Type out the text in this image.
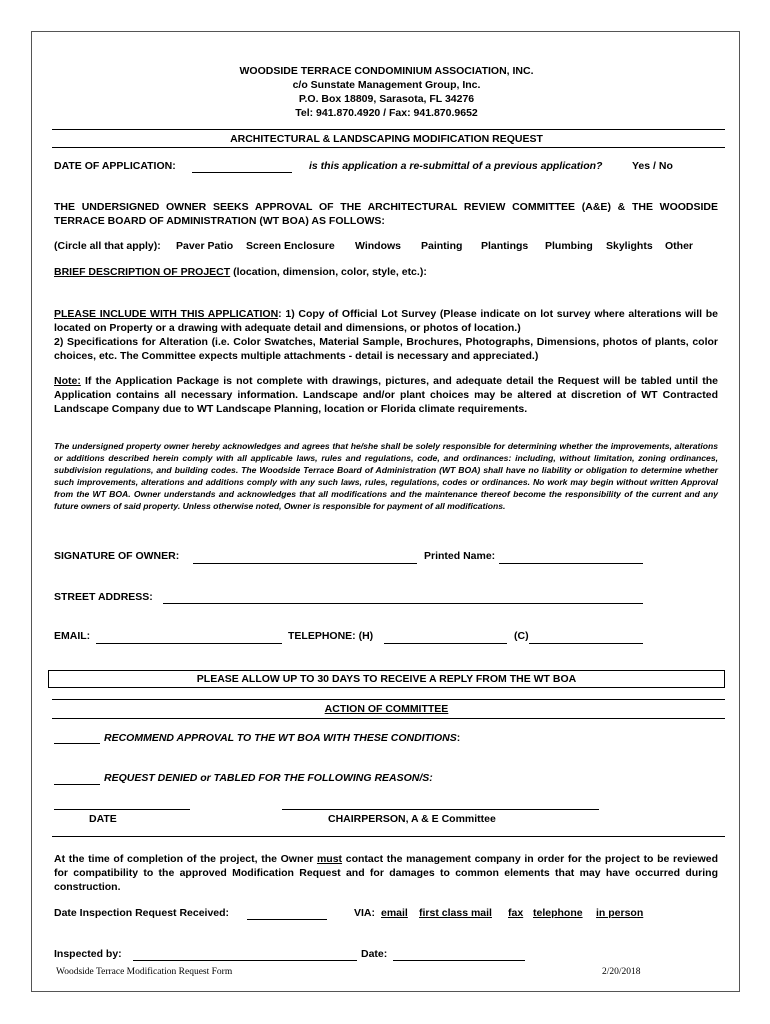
WOODSIDE TERRACE CONDOMINIUM ASSOCIATION, INC.
c/o Sunstate Management Group, Inc.
P.O. Box 18809, Sarasota, FL 34276
Tel: 941.870.4920 / Fax: 941.870.9652
ARCHITECTURAL & LANDSCAPING MODIFICATION REQUEST
DATE OF APPLICATION:	is this application a re-submittal of a previous application?	Yes / No
THE UNDERSIGNED OWNER SEEKS APPROVAL OF THE ARCHITECTURAL REVIEW COMMITTEE (A&E) & THE WOODSIDE TERRACE BOARD OF ADMINISTRATION (WT BOA) AS FOLLOWS:
(Circle all that apply): Paver Patio Screen Enclosure Windows Painting Plantings Plumbing Skylights Other
BRIEF DESCRIPTION OF PROJECT (location, dimension, color, style, etc.):
PLEASE INCLUDE WITH THIS APPLICATION: 1) Copy of Official Lot Survey (Please indicate on lot survey where alterations will be located on Property or a drawing with adequate detail and dimensions, or photos of location.)
2) Specifications for Alteration (i.e. Color Swatches, Material Sample, Brochures, Photographs, Dimensions, photos of plants, color choices, etc. The Committee expects multiple attachments - detail is necessary and appreciated.)
Note: If the Application Package is not complete with drawings, pictures, and adequate detail the Request will be tabled until the Application contains all necessary information. Landscape and/or plant choices may be altered at discretion of WT Contracted Landscape Company due to WT Landscape Planning, location or Florida climate requirements.
The undersigned property owner hereby acknowledges and agrees that he/she shall be solely responsible for determining whether the improvements, alterations or additions described herein comply with all applicable laws, rules and regulations, code, and ordinances: including, without limitation, zoning ordinances, subdivision regulations, and building codes. The Woodside Terrace Board of Administration (WT BOA) shall have no liability or obligation to determine whether such improvements, alterations and additions comply with any such laws, rules, regulations, codes or ordinances. No work may begin without written Approval from the WT BOA. Owner understands and acknowledges that all modifications and the maintenance thereof become the responsibility of the current and any future owners of said property. Unless otherwise noted, Owner is responsible for payment of all modifications.
SIGNATURE OF OWNER:	Printed Name:
STREET ADDRESS:
EMAIL:	TELEPHONE: (H)	(C)
PLEASE ALLOW UP TO 30 DAYS TO RECEIVE A REPLY FROM THE WT BOA
ACTION OF COMMITTEE
RECOMMEND APPROVAL TO THE WT BOA WITH THESE CONDITIONS:
REQUEST DENIED or TABLED FOR THE FOLLOWING REASON/S:
DATE	CHAIRPERSON, A & E Committee
At the time of completion of the project, the Owner must contact the management company in order for the project to be reviewed for compatibility to the approved Modification Request and for damages to common elements that may have occurred during construction.
Date Inspection Request Received:	VIA: email first class mail fax telephone in person
Inspected by:	Date:
Woodside Terrace Modification Request Form	2/20/2018
